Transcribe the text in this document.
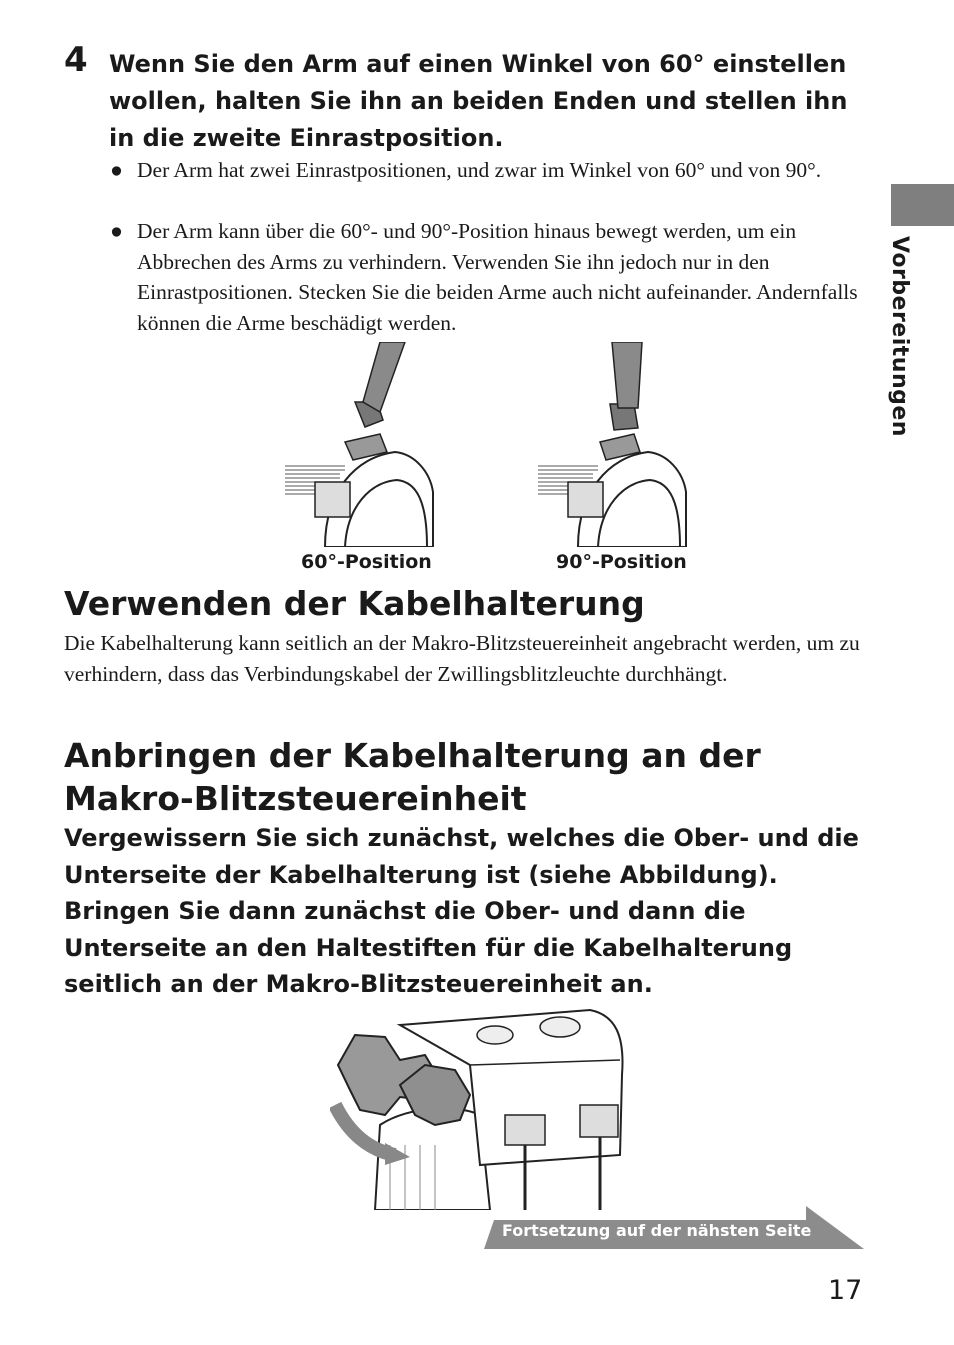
4 Wenn Sie den Arm auf einen Winkel von 60° einstellen wollen, halten Sie ihn an beiden Enden und stellen ihn in die zweite Einrastposition.
● Der Arm hat zwei Einrastpositionen, und zwar im Winkel von 60° und von 90°.
● Der Arm kann über die 60°- und 90°-Position hinaus bewegt werden, um ein Abbrechen des Arms zu verhindern. Verwenden Sie ihn jedoch nur in den Einrastpositionen. Stecken Sie die beiden Arme auch nicht aufeinander. Andernfalls können die Arme beschädigt werden.	Vorbereitungen
60°-Position	90°-Position
Verwenden der Kabelhalterung
Die Kabelhalterung kann seitlich an der Makro-Blitzsteuereinheit angebracht werden, um zu verhindern, dass das Verbindungskabel der Zwillingsblitzleuchte durchhängt.
Anbringen der Kabelhalterung an der Makro-Blitzsteuereinheit
Vergewissern Sie sich zunächst, welches die Ober- und die Unterseite der Kabelhalterung ist (siehe Abbildung). Bringen Sie dann zunächst die Ober- und dann die Unterseite an den Haltestiften für die Kabelhalterung seitlich an der Makro-Blitzsteuereinheit an.
Fortsetzung auf der nähsten Seite
17
